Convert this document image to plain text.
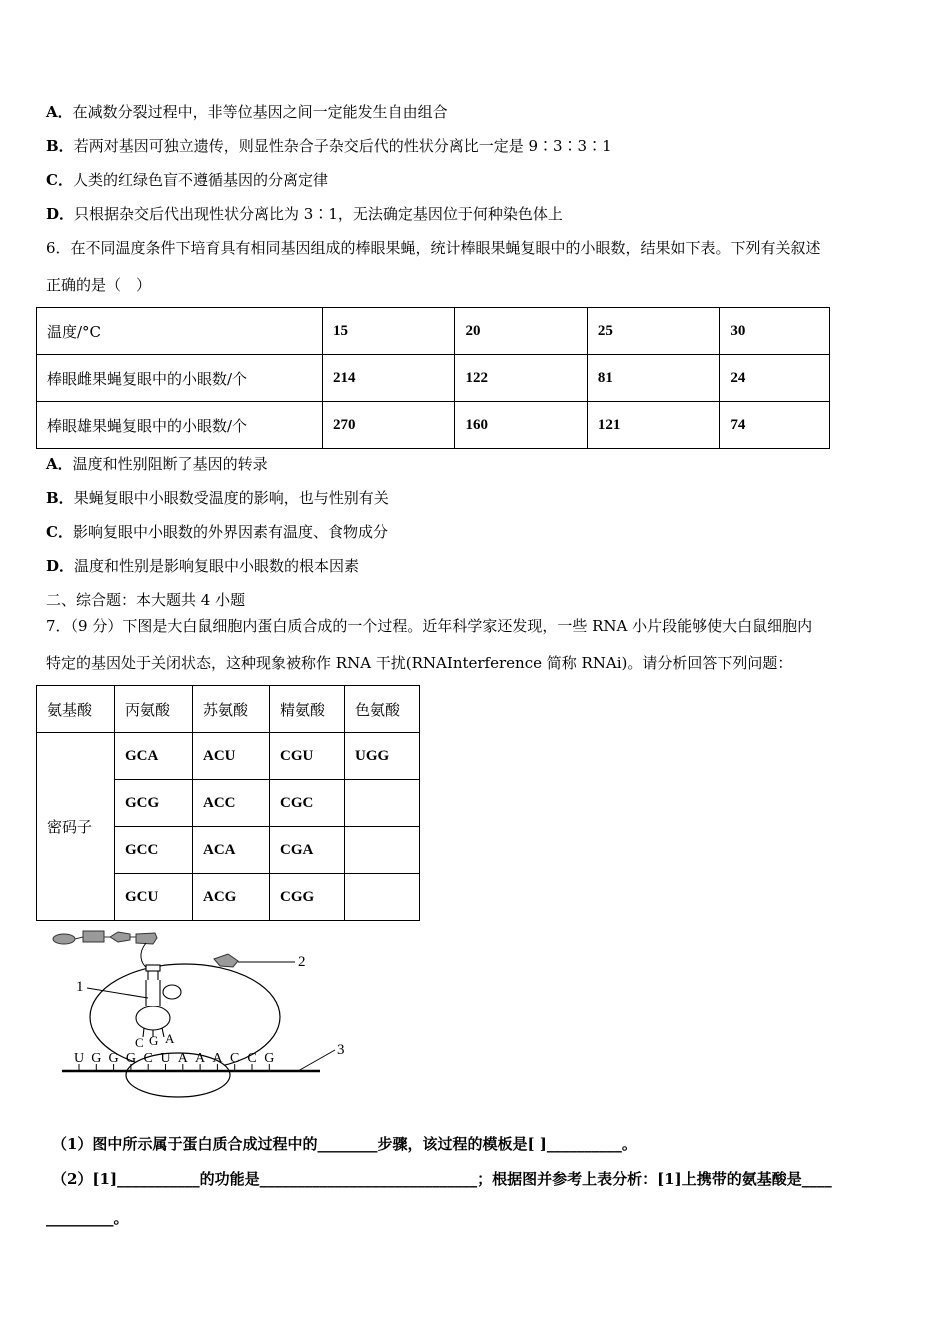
A．在减数分裂过程中，非等位基因之间一定能发生自由组合
B．若两对基因可独立遗传，则显性杂合子杂交后代的性状分离比一定是 9∶3∶3∶1
C．人类的红绿色盲不遵循基因的分离定律
D．只根据杂交后代出现性状分离比为 3∶1，无法确定基因位于何种染色体上
6．在不同温度条件下培育具有相同基因组成的棒眼果蝇，统计棒眼果蝇复眼中的小眼数，结果如下表。下列有关叙述
正确的是（　）
温度/°C	15	20	25	30
棒眼雌果蝇复眼中的小眼数/个	214	122	81	24
棒眼雄果蝇复眼中的小眼数/个	270	160	121	74
A．温度和性别阻断了基因的转录
B．果蝇复眼中小眼数受温度的影响，也与性别有关
C．影响复眼中小眼数的外界因素有温度、食物成分
D．温度和性别是影响复眼中小眼数的根本因素
二、综合题：本大题共 4 小题
7．（9 分）下图是大白鼠细胞内蛋白质合成的一个过程。近年科学家还发现，一些 RNA 小片段能够使大白鼠细胞内
特定的基因处于关闭状态，这种现象被称作 RNA 干扰(RNAInterference 简称 RNAi)。请分析回答下列问题：
氨基酸	丙氨酸	苏氨酸	精氨酸	色氨酸
密码子	GCA	ACU	CGU	UGG
	GCG	ACC	CGC	
	GCC	ACA	CGA	
	GCU	ACG	CGG	
2
C G A
1
U G G G C U A A A C C G
3
（1）图中所示属于蛋白质合成过程中的________步骤，该过程的模板是[ ]__________。
（2）[1]___________的功能是_____________________________；根据图并参考上表分析：[1]上携带的氨基酸是____
_________。
